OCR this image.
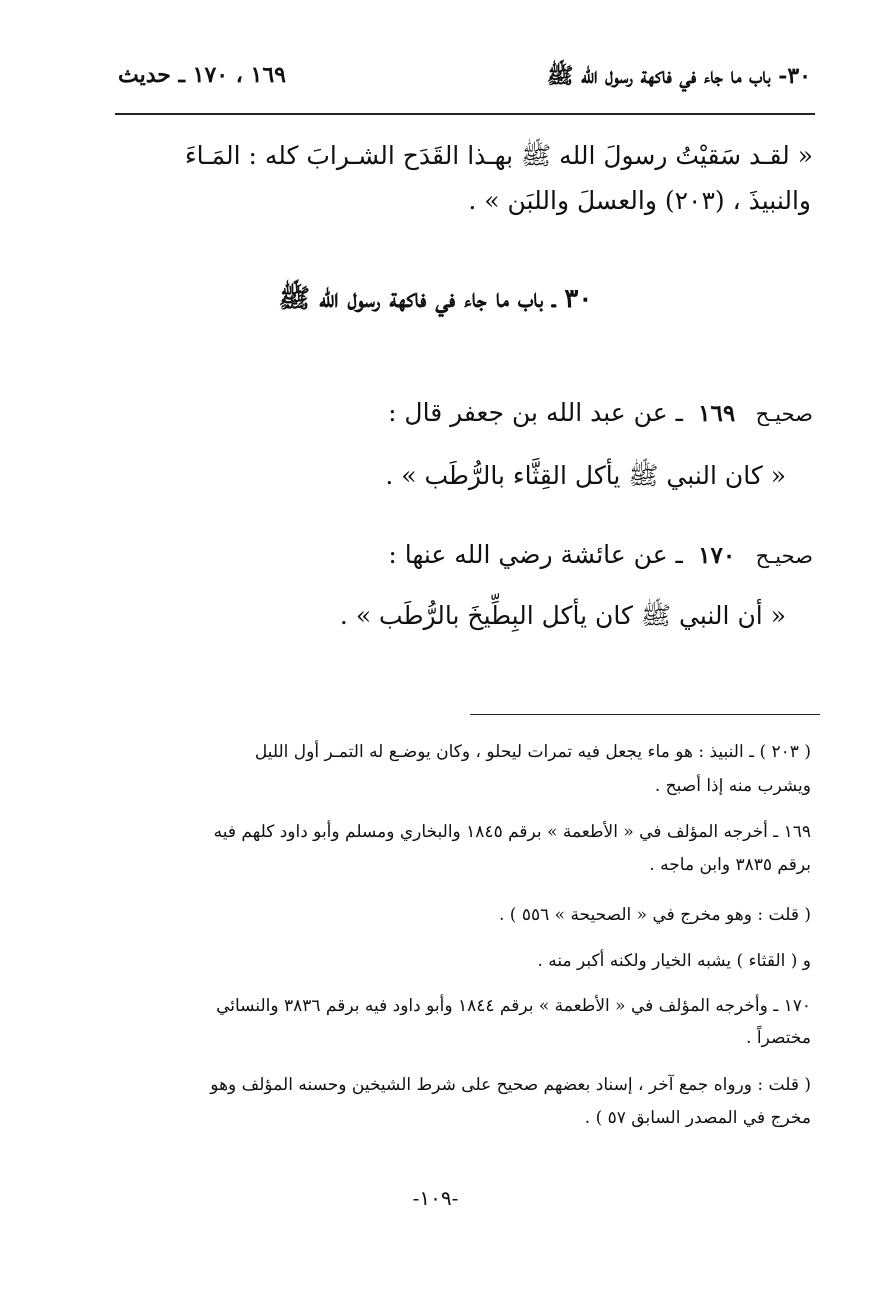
٣٠- باب ما جاء في فاكهة رسول الله ﷺ
١٦٩ ، ١٧٠ ـ حديث
« لقـد سَقيْتُ رسولَ الله ﷺ بهـذا القَدَح الشـرابَ كله : المَـاءَ
والنبيذَ ، (٢٠٣) والعسلَ واللبَن » .
٣٠ ـ باب ما جاء في فاكهة رسول الله ﷺ
صحيـح    ١٦٩   ـ عن عبد الله بن جعفر قال :
« كان النبي ﷺ يأكل القِثَّاء بالرُّطَب » .
صحيـح    ١٧٠   ـ عن عائشة رضي الله عنها :
« أن النبي ﷺ كان يأكل البِطِّيخَ بالرُّطَب » .
( ٢٠٣ ) ـ النبيذ : هو ماء يجعل فيه تمرات ليحلو ، وكان يوضـع له التمـر أول الليل
ويشرب منه إذا أصبح .
١٦٩ ـ أخرجه المؤلف في « الأطعمة » برقم ١٨٤٥ والبخاري ومسلم وأبو داود كلهم فيه
برقم ٣٨٣٥ وابن ماجه .
( قلت : وهو مخرج في « الصحيحة » ٥٥٦ ) .
و ( القثاء ) يشبه الخيار ولكنه أكبر منه .
١٧٠ ـ وأخرجه المؤلف في « الأطعمة » برقم ١٨٤٤ وأبو داود فيه برقم ٣٨٣٦ والنسائي
مختصراً .
( قلت : ورواه جمع آخر ، إسناد بعضهم صحيح على شرط الشيخين وحسنه المؤلف وهو
مخرج في المصدر السابق ٥٧ ) .
-١٠٩-
